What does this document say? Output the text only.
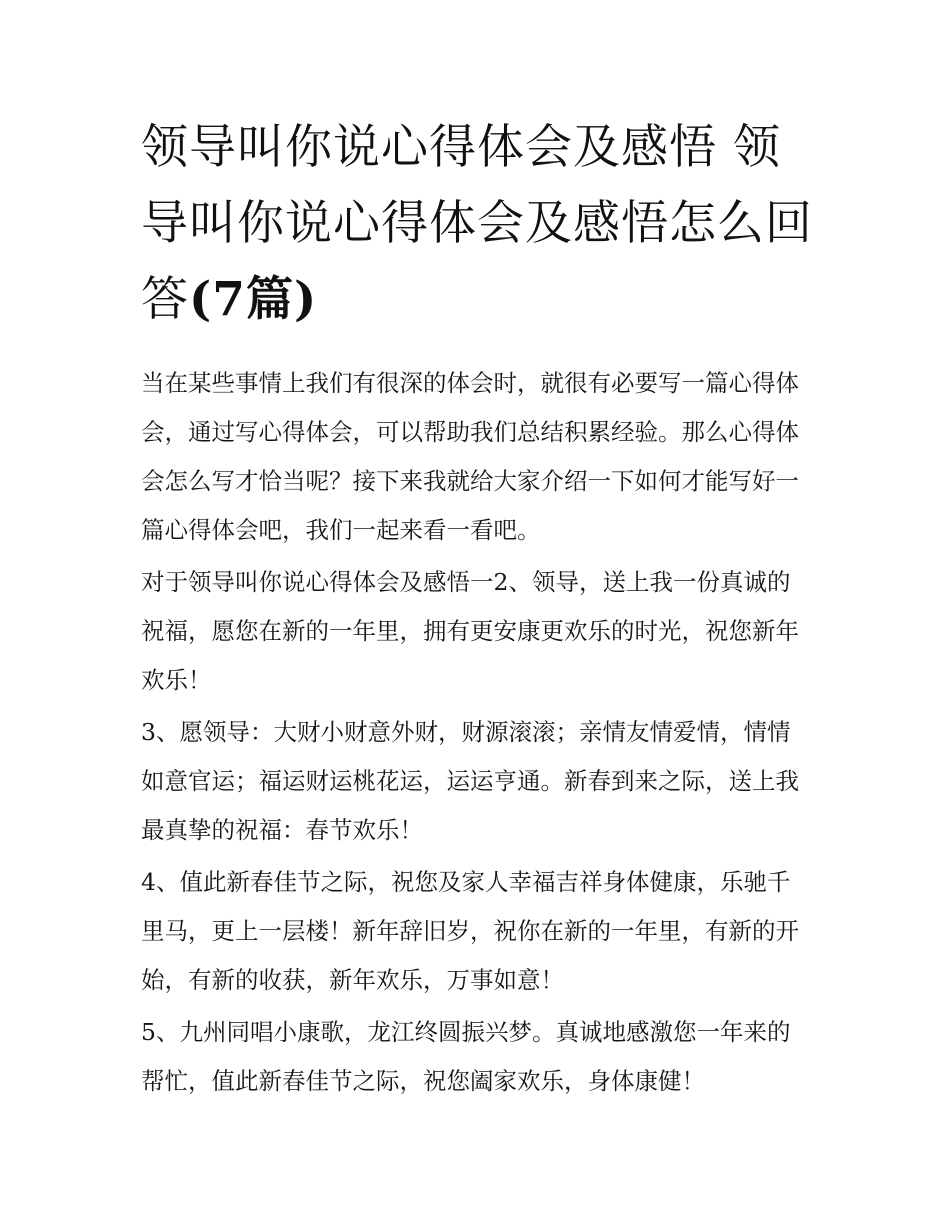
领导叫你说心得体会及感悟 领导叫你说心得体会及感悟怎么回答(7篇)

当在某些事情上我们有很深的体会时，就很有必要写一篇心得体会，通过写心得体会，可以帮助我们总结积累经验。那么心得体会怎么写才恰当呢？接下来我就给大家介绍一下如何才能写好一篇心得体会吧，我们一起来看一看吧。

对于领导叫你说心得体会及感悟一2、领导，送上我一份真诚的祝福，愿您在新的一年里，拥有更安康更欢乐的时光，祝您新年欢乐！

3、愿领导：大财小财意外财，财源滚滚；亲情友情爱情，情情如意官运；福运财运桃花运，运运亨通。新春到来之际，送上我最真挚的祝福：春节欢乐！

4、值此新春佳节之际，祝您及家人幸福吉祥身体健康，乐驰千里马，更上一层楼！新年辞旧岁，祝你在新的一年里，有新的开始，有新的收获，新年欢乐，万事如意！

5、九州同唱小康歌，龙江终圆振兴梦。真诚地感激您一年来的帮忙，值此新春佳节之际，祝您阖家欢乐，身体康健！
